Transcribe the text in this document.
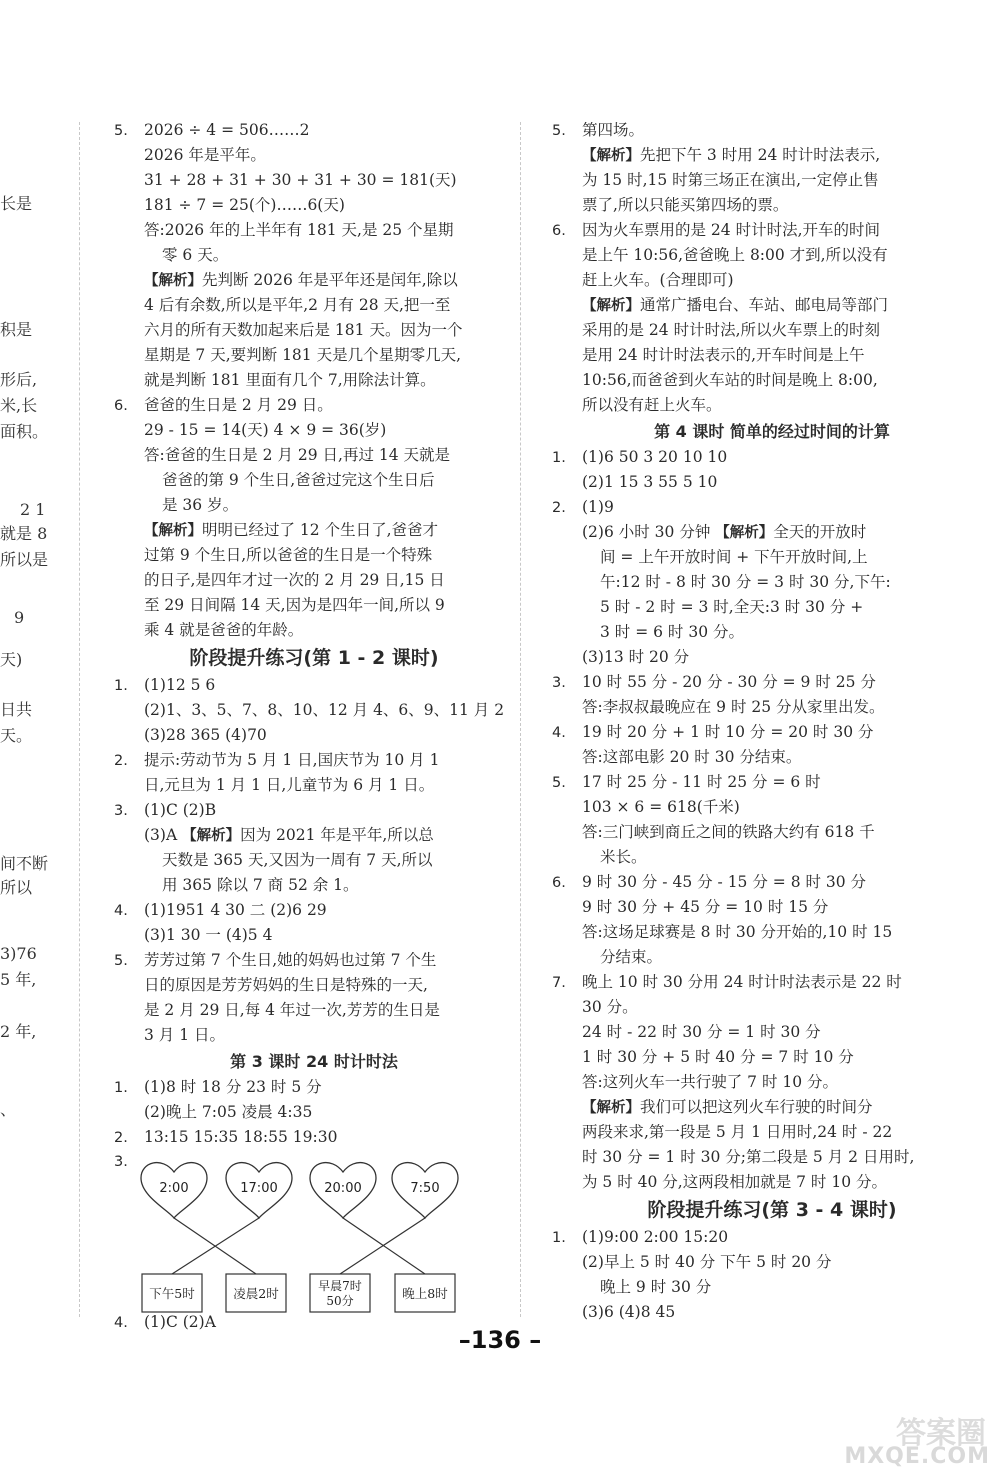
长是
积是
形后,
米,长
面积。
2 1
就是 8
所以是
9
天)
日共
天。
间不断
所以
3)76
5 年,
2 年,
、
5. 2026 ÷ 4 = 506……2
2026 年是平年。
31 + 28 + 31 + 30 + 31 + 30 = 181(天)
181 ÷ 7 = 25(个)……6(天)
答:2026 年的上半年有 181 天,是 25 个星期
零 6 天。
【解析】先判断 2026 年是平年还是闰年,除以
4 后有余数,所以是平年,2 月有 28 天,把一至
六月的所有天数加起来后是 181 天。因为一个
星期是 7 天,要判断 181 天是几个星期零几天,
就是判断 181 里面有几个 7,用除法计算。
6. 爸爸的生日是 2 月 29 日。
29 - 15 = 14(天) 4 × 9 = 36(岁)
答:爸爸的生日是 2 月 29 日,再过 14 天就是
爸爸的第 9 个生日,爸爸过完这个生日后
是 36 岁。
【解析】明明已经过了 12 个生日了,爸爸才
过第 9 个生日,所以爸爸的生日是一个特殊
的日子,是四年才过一次的 2 月 29 日,15 日
至 29 日间隔 14 天,因为是四年一间,所以 9
乘 4 就是爸爸的年龄。
阶段提升练习(第 1 - 2 课时)
1. (1)12 5 6
(2)1、3、5、7、8、10、12 月 4、6、9、11 月 2
(3)28 365 (4)70
2. 提示:劳动节为 5 月 1 日,国庆节为 10 月 1
日,元旦为 1 月 1 日,儿童节为 6 月 1 日。
3. (1)C (2)B
(3)A 【解析】因为 2021 年是平年,所以总
天数是 365 天,又因为一周有 7 天,所以
用 365 除以 7 商 52 余 1。
4. (1)1951 4 30 二 (2)6 29
(3)1 30 一 (4)5 4
5. 芳芳过第 7 个生日,她的妈妈也过第 7 个生
日的原因是芳芳妈妈的生日是特殊的一天,
是 2 月 29 日,每 4 年过一次,芳芳的生日是
3 月 1 日。
第 3 课时 24 时计时法
1. (1)8 时 18 分 23 时 5 分
(2)晚上 7:05 凌晨 4:35
2. 13:15 15:35 18:55 19:30
3.
2:00	17:00	20:00	7:50
下午5时	凌晨2时	早晨7时 50分	晚上8时
4. (1)C (2)A
5. 第四场。
【解析】先把下午 3 时用 24 时计时法表示,
为 15 时,15 时第三场正在演出,一定停止售
票了,所以只能买第四场的票。
6. 因为火车票用的是 24 时计时法,开车的时间
是上午 10:56,爸爸晚上 8:00 才到,所以没有
赶上火车。(合理即可)
【解析】通常广播电台、车站、邮电局等部门
采用的是 24 时计时法,所以火车票上的时刻
是用 24 时计时法表示的,开车时间是上午
10:56,而爸爸到火车站的时间是晚上 8:00,
所以没有赶上火车。
第 4 课时 简单的经过时间的计算
1. (1)6 50 3 20 10 10
(2)1 15 3 55 5 10
2. (1)9
(2)6 小时 30 分钟 【解析】全天的开放时
间 = 上午开放时间 + 下午开放时间,上
午:12 时 - 8 时 30 分 = 3 时 30 分,下午:
5 时 - 2 时 = 3 时,全天:3 时 30 分 +
3 时 = 6 时 30 分。
(3)13 时 20 分
3. 10 时 55 分 - 20 分 - 30 分 = 9 时 25 分
答:李叔叔最晚应在 9 时 25 分从家里出发。
4. 19 时 20 分 + 1 时 10 分 = 20 时 30 分
答:这部电影 20 时 30 分结束。
5. 17 时 25 分 - 11 时 25 分 = 6 时
103 × 6 = 618(千米)
答:三门峡到商丘之间的铁路大约有 618 千
米长。
6. 9 时 30 分 - 45 分 - 15 分 = 8 时 30 分
9 时 30 分 + 45 分 = 10 时 15 分
答:这场足球赛是 8 时 30 分开始的,10 时 15
分结束。
7. 晚上 10 时 30 分用 24 时计时法表示是 22 时
30 分。
24 时 - 22 时 30 分 = 1 时 30 分
1 时 30 分 + 5 时 40 分 = 7 时 10 分
答:这列火车一共行驶了 7 时 10 分。
【解析】我们可以把这列火车行驶的时间分
两段来求,第一段是 5 月 1 日用时,24 时 - 22
时 30 分 = 1 时 30 分;第二段是 5 月 2 日用时,
为 5 时 40 分,这两段相加就是 7 时 10 分。
阶段提升练习(第 3 - 4 课时)
1. (1)9:00 2:00 15:20
(2)早上 5 时 40 分 下午 5 时 20 分
晚上 9 时 30 分
(3)6 (4)8 45
–136 –
答案圈
MXQE.COM
